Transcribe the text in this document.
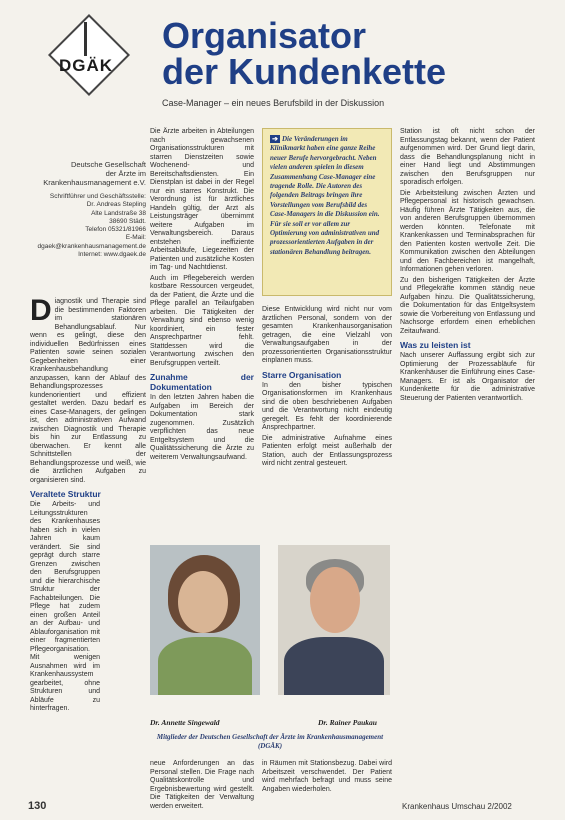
DGÄK
Organisator
der Kundenkette
Case-Manager – ein neues Berufsbild in der Diskussion
Deutsche Gesellschaft
der Ärzte im
Krankenhausmanagement e.V.
Schriftführer und Geschäftsstelle:
Dr. Andreas Stepling
Alte Landstraße 38
38690 Städt.
Telefon 05321/81966
E-Mail:
dgaek@krankenhausmanagement.de
Internet: www.dgaek.de

Diagnostik und Therapie sind die bestimmenden Faktoren im stationären Behandlungsablauf. Nur wenn es gelingt, diese den individuellen Bedürfnissen eines Patienten sowie seinen sozialen Gegebenheiten einer Krankenhausbehandlung anzupassen, kann der Ablauf des Behandlungsprozesses kundenorientiert und effizient gestaltet werden. Dazu bedarf es eines Case-Managers, der gelingen ist, den administrativen Aufwand zwischen Diagnostik und Therapie bis hin zur Entlassung zu überwachen. Er kennt alle Schnittstellen der Behandlungsprozesse und weiß, wie die ärztlichen Aufgaben zu organisieren sind.

Veraltete Struktur

Die Arbeits- und Leitungsstrukturen des Krankenhauses haben sich in vielen Jahren kaum verändert. Sie sind geprägt durch starre Grenzen zwischen den Berufsgruppen und die hierarchische Struktur der Fachabteilungen. Die Pflege hat zudem einen großen Anteil an der Aufbau- und Ablauforganisation mit einer fragmentierten Pflegeorganisation. Mit wenigen Ausnahmen wird im Krankenhaussystem gearbeitet, ohne Strukturen und Abläufe zu hinterfragen.

Die Ärzte arbeiten in Abteilungen nach gewachsenen Organisationsstrukturen mit starren Dienstzeiten sowie Wochenend- und Bereitschaftsdiensten. Ein Dienstplan ist dabei in der Regel nur ein starres Konstrukt. Die Verordnung ist für ärztliches Handeln gültig, der Arzt als Leistungsträger übernimmt weitere Aufgaben im Verwaltungsbereich. Daraus entstehen ineffiziente Arbeitsabläufe, Liegezeiten der Patienten und zusätzliche Kosten im Tag- und Nachtdienst.

Auch im Pflegebereich werden kostbare Ressourcen vergeudet, da der Patient, die Ärzte und die Pflege parallel an Teilaufgaben arbeiten. Die Tätigkeiten der Verwaltung sind ebenso wenig koordiniert, ein fester Ansprechpartner fehlt. Stattdessen wird die Verantwortung zwischen den Berufsgruppen verteilt.

Zunahme der Dokumentation

In den letzten Jahren haben die Aufgaben im Bereich der Dokumentation stark zugenommen. Zusätzlich verpflichten das neue Entgeltsystem und die Qualitätssicherung die Ärzte zu weiterem Verwaltungsaufwand.

➔ Die Veränderungen im Klinikmarkt haben eine ganze Reihe neuer Berufe hervorgebracht. Neben vielen anderen spielen in diesem Zusammenhang Case-Manager eine tragende Rolle. Die Autoren des folgenden Beitrags bringen ihre Vorstellungen vom Berufsbild des Case-Managers in die Diskussion ein. Für sie soll er vor allem zur Optimierung von administrativen und prozessorientierten Aufgaben in der stationären Behandlung beitragen.

Diese Entwicklung wird nicht nur vom ärztlichen Personal, sondern von der gesamten Krankenhausorganisation getragen, die eine Vielzahl von Verwaltungsaufgaben in der prozessorientierten Organisationsstruktur einplanen muss.

Starre Organisation

In den bisher typischen Organisationsformen im Krankenhaus sind die oben beschriebenen Aufgaben und die Verantwortung nicht eindeutig geregelt. Es fehlt der koordinierende Ansprechpartner.

Die administrative Aufnahme eines Patienten erfolgt meist außerhalb der Station, auch der Entlassungsprozess wird nicht zentral gesteuert.

Station ist oft nicht schon der Entlassungstag bekannt, wenn der Patient aufgenommen wird. Der Grund liegt darin, dass die Behandlungsplanung nicht in einer Hand liegt und Abstimmungen zwischen den Berufsgruppen nur sporadisch erfolgen.

Die Arbeitsteilung zwischen Ärzten und Pflegepersonal ist historisch gewachsen. Häufig führen Ärzte Tätigkeiten aus, die von anderen Berufsgruppen übernommen werden könnten. Telefonate mit Krankenkassen und Terminabsprachen für den Patienten kosten wertvolle Zeit. Die Kommunikation zwischen den Abteilungen und den Fachbereichen ist mangelhaft, Informationen gehen verloren.

Zu den bisherigen Tätigkeiten der Ärzte und Pflegekräfte kommen ständig neue Aufgaben hinzu. Die Qualitätssicherung, die Dokumentation für das Entgeltsystem sowie die Vorbereitung von Entlassung und Nachsorge erfordern einen erheblichen Zeitaufwand.

Was zu leisten ist

Nach unserer Auffassung ergibt sich zur Optimierung der Prozessabläufe für Krankenhäuser die Einführung eines Case-Managers. Er ist als Organisator der Kundenkette für die administrative Steuerung der Patienten verantwortlich.

Dr. Annette Singewald	Dr. Rainer Paukau
Mitglieder der Deutschen Gesellschaft der Ärzte im Krankenhausmanagement (DGÄK)
neue Anforderungen an das Personal stellen. Die Frage nach Qualitätskontrolle und Ergebnisbewertung wird gestellt. Die Tätigkeiten der Verwaltung werden erweitert.
in Räumen mit Stationsbezug. Dabei wird Arbeitszeit verschwendet. Der Patient wird mehrfach befragt und muss seine Angaben wiederholen.
130	Krankenhaus Umschau 2/2002
